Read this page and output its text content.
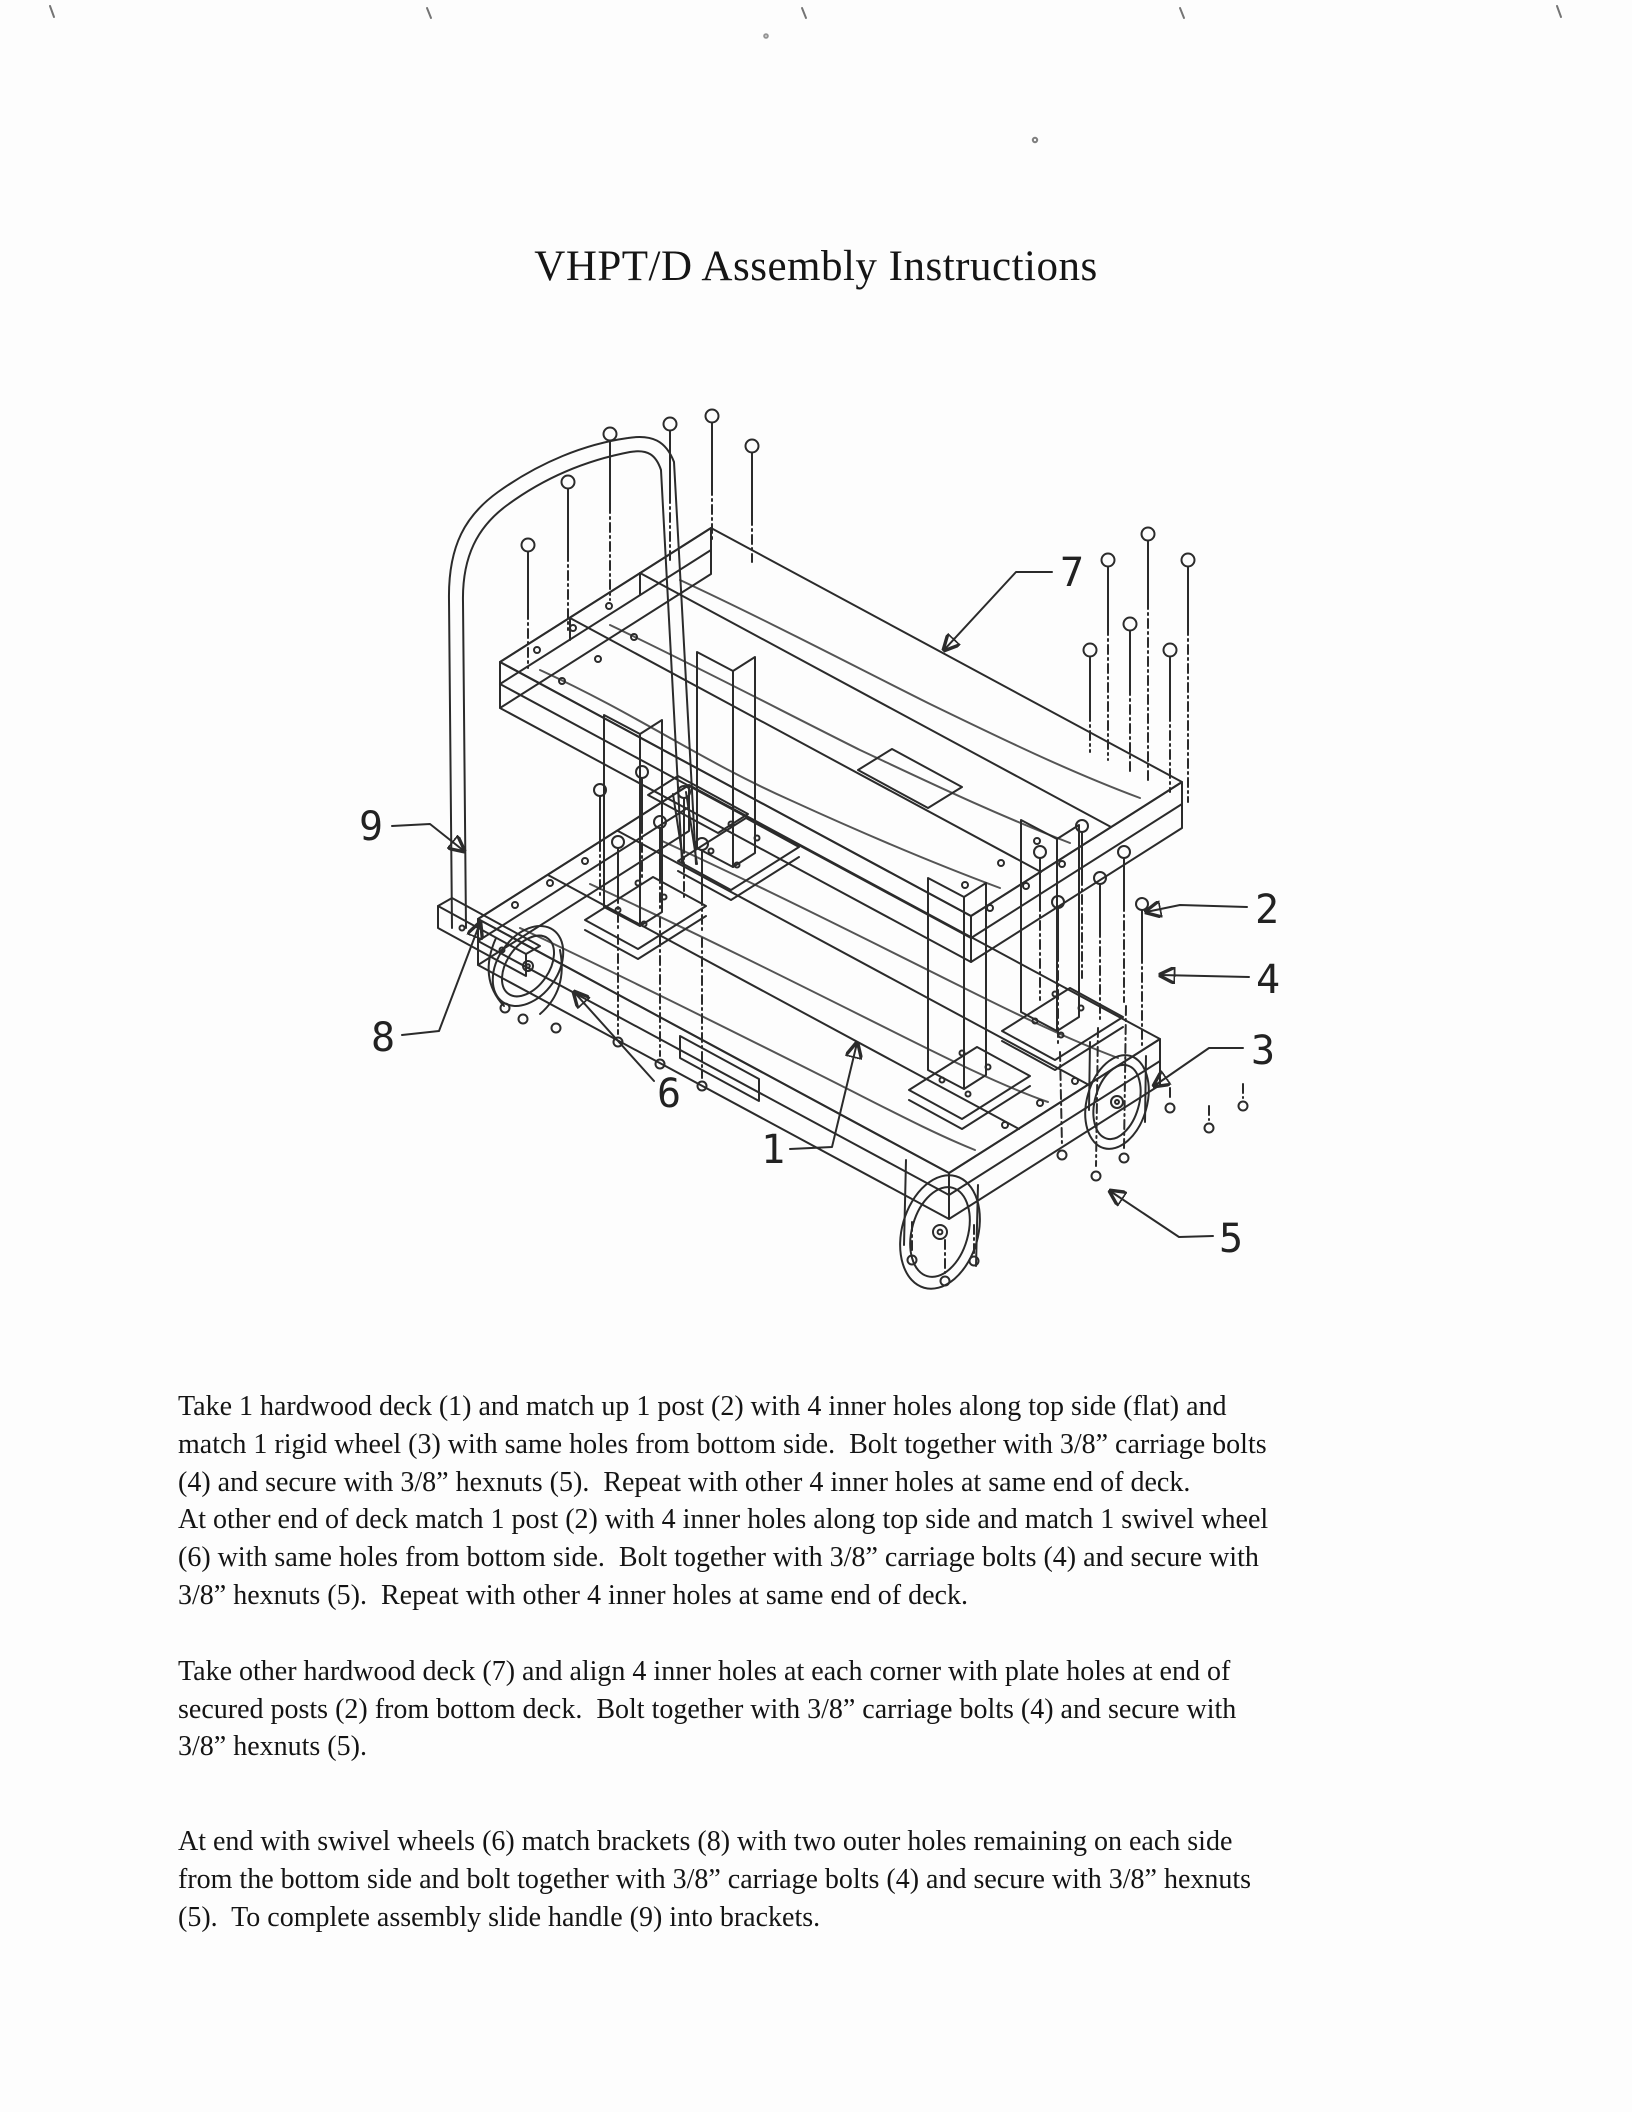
7
9
8
6
1
2
4
3
5
VHPT/D Assembly Instructions
Take 1 hardwood deck (1) and match up 1 post (2) with 4 inner holes along top side (flat) and
match 1 rigid wheel (3) with same holes from bottom side.  Bolt together with 3/8” carriage bolts
(4) and secure with 3/8” hexnuts (5).  Repeat with other 4 inner holes at same end of deck.
At other end of deck match 1 post (2) with 4 inner holes along top side and match 1 swivel wheel
(6) with same holes from bottom side.  Bolt together with 3/8” carriage bolts (4) and secure with
3/8” hexnuts (5).  Repeat with other 4 inner holes at same end of deck.
Take other hardwood deck (7) and align 4 inner holes at each corner with plate holes at end of
secured posts (2) from bottom deck.  Bolt together with 3/8” carriage bolts (4) and secure with
3/8” hexnuts (5).
At end with swivel wheels (6) match brackets (8) with two outer holes remaining on each side
from the bottom side and bolt together with 3/8” carriage bolts (4) and secure with 3/8” hexnuts
(5).  To complete assembly slide handle (9) into brackets.
